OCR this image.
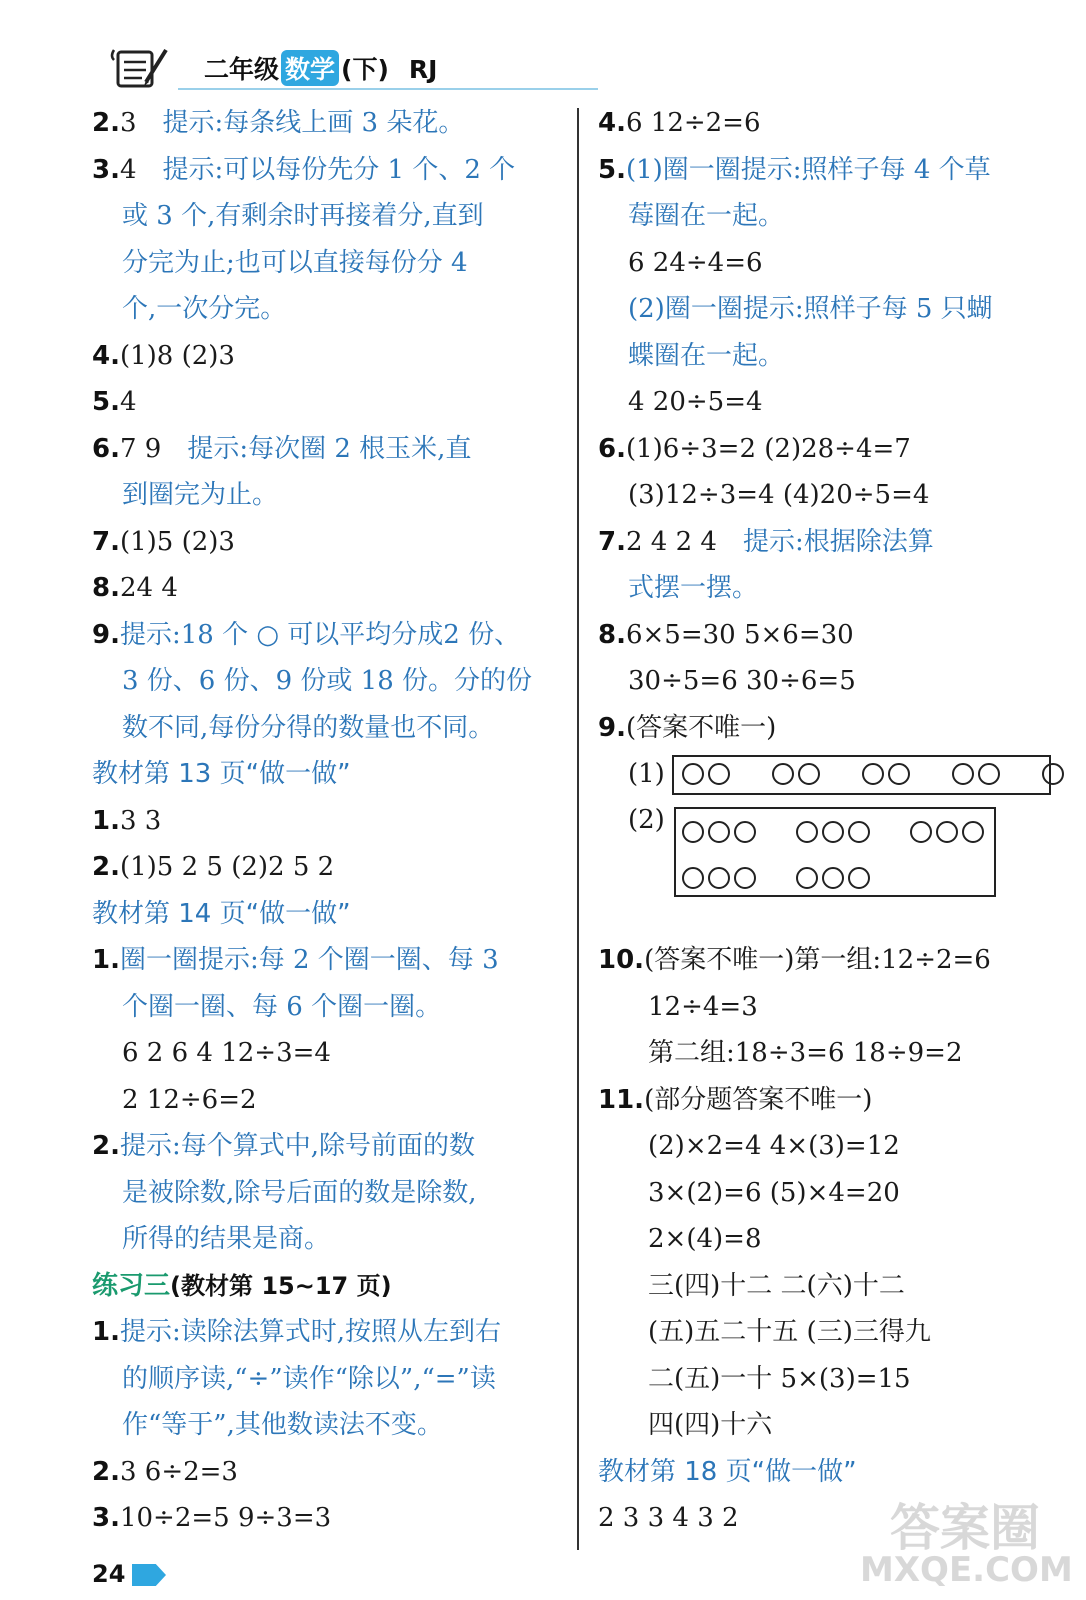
二年级 数学 (下) RJ
2.3  提示:每条线上画 3 朵花。
3.4  提示:可以每份先分 1 个、2 个
或 3 个,有剩余时再接着分,直到
分完为止;也可以直接每份分 4
个,一次分完。
4.(1)8 (2)3
5.4
6.7 9  提示:每次圈 2 根玉米,直
到圈完为止。
7.(1)5 (2)3
8.24 4
9.提示:18 个 ○ 可以平均分成2 份、
3 份、6 份、9 份或 18 份。分的份
数不同,每份分得的数量也不同。
教材第 13 页“做一做”
1.3 3
2.(1)5 2 5 (2)2 5 2
教材第 14 页“做一做”
1.圈一圈提示:每 2 个圈一圈、每 3
个圈一圈、每 6 个圈一圈。
6 2 6 4 12÷3=4
2 12÷6=2
2.提示:每个算式中,除号前面的数
是被除数,除号后面的数是除数,
所得的结果是商。
练习三(教材第 15~17 页)
1.提示:读除法算式时,按照从左到右
的顺序读,“÷”读作“除以”,“=”读
作“等于”,其他数读法不变。
2.3 6÷2=3
3.10÷2=5 9÷3=3
4.6 12÷2=6
5.(1)圈一圈提示:照样子每 4 个草
莓圈在一起。
6 24÷4=6
(2)圈一圈提示:照样子每 5 只蝴
蝶圈在一起。
4 20÷5=4
6.(1)6÷3=2 (2)28÷4=7
(3)12÷3=4 (4)20÷5=4
7.2 4 2 4  提示:根据除法算
式摆一摆。
8.6×5=30 5×6=30
30÷5=6 30÷6=5
9.(答案不唯一)
(1)
(2)
10.(答案不唯一)第一组:12÷2=6
12÷4=3
第二组:18÷3=6 18÷9=2
11.(部分题答案不唯一)
(2)×2=4 4×(3)=12
3×(2)=6 (5)×4=20
2×(4)=8
三(四)十二 二(六)十二
(五)五二十五 (三)三得九
二(五)一十 5×(3)=15
四(四)十六
教材第 18 页“做一做”
2 3 3 4 3 2
24
答案圈
MXQE.COM
